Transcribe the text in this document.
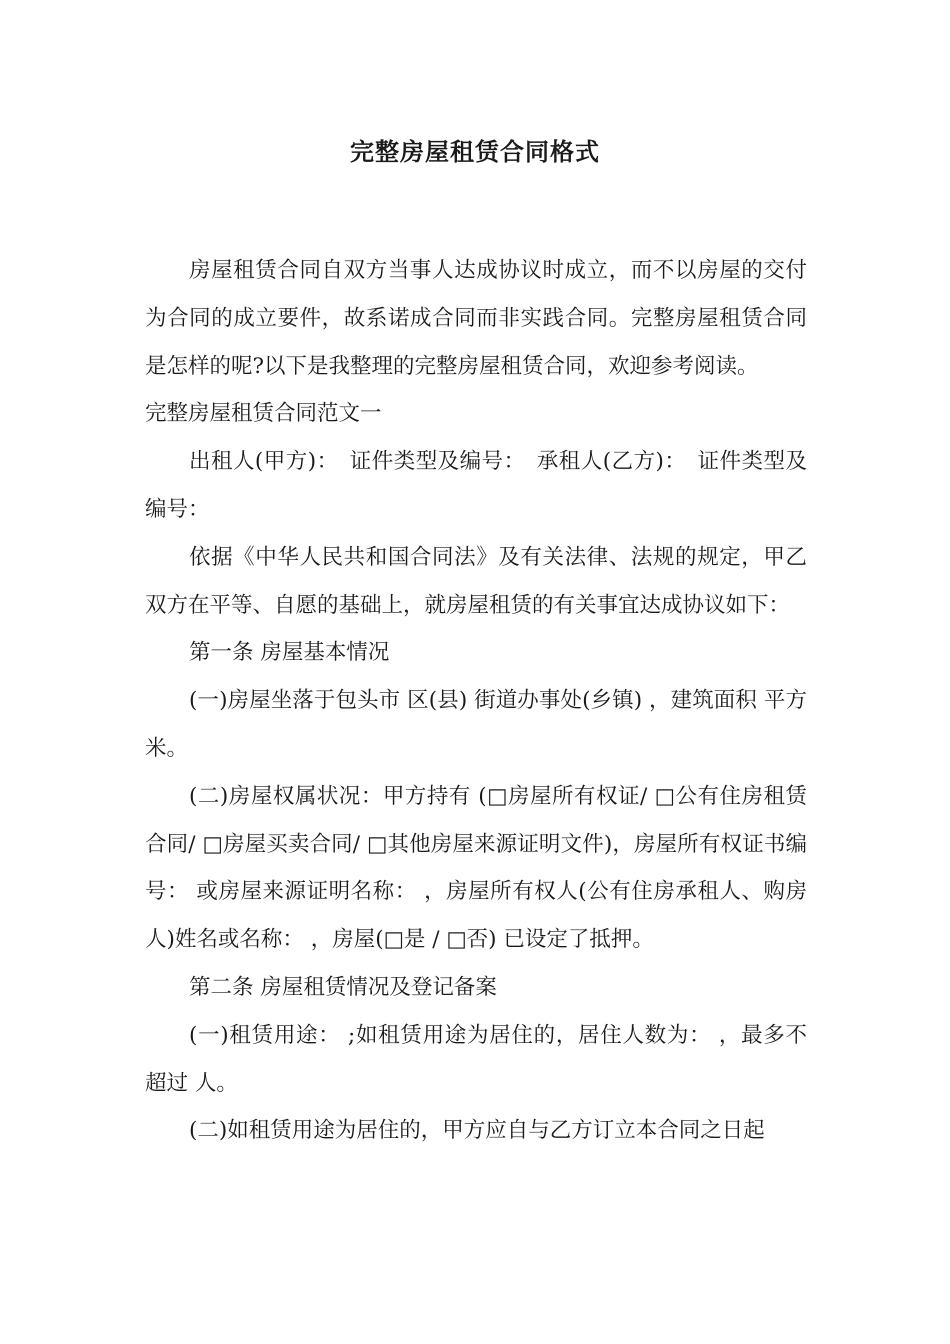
完整房屋租赁合同格式

房屋租赁合同自双方当事人达成协议时成立，而不以房屋的交付为合同的成立要件，故系诺成合同而非实践合同。完整房屋租赁合同是怎样的呢?以下是我整理的完整房屋租赁合同，欢迎参考阅读。

完整房屋租赁合同范文一

出租人(甲方)：　证件类型及编号：　承租人(乙方)：　证件类型及编号：

依据《中华人民共和国合同法》及有关法律、法规的规定，甲乙双方在平等、自愿的基础上，就房屋租赁的有关事宜达成协议如下：

第一条 房屋基本情况

(一)房屋坐落于包头市 区(县) 街道办事处(乡镇) ，建筑面积 平方米。

(二)房屋权属状况：甲方持有 (□房屋所有权证/ □公有住房租赁合同/ □房屋买卖合同/ □其他房屋来源证明文件)，房屋所有权证书编号： 或房屋来源证明名称： ，房屋所有权人(公有住房承租人、购房人)姓名或名称： ，房屋(□是 / □否) 已设定了抵押。

第二条 房屋租赁情况及登记备案

(一)租赁用途： ;如租赁用途为居住的，居住人数为： ，最多不超过 人。

(二)如租赁用途为居住的，甲方应自与乙方订立本合同之日起
